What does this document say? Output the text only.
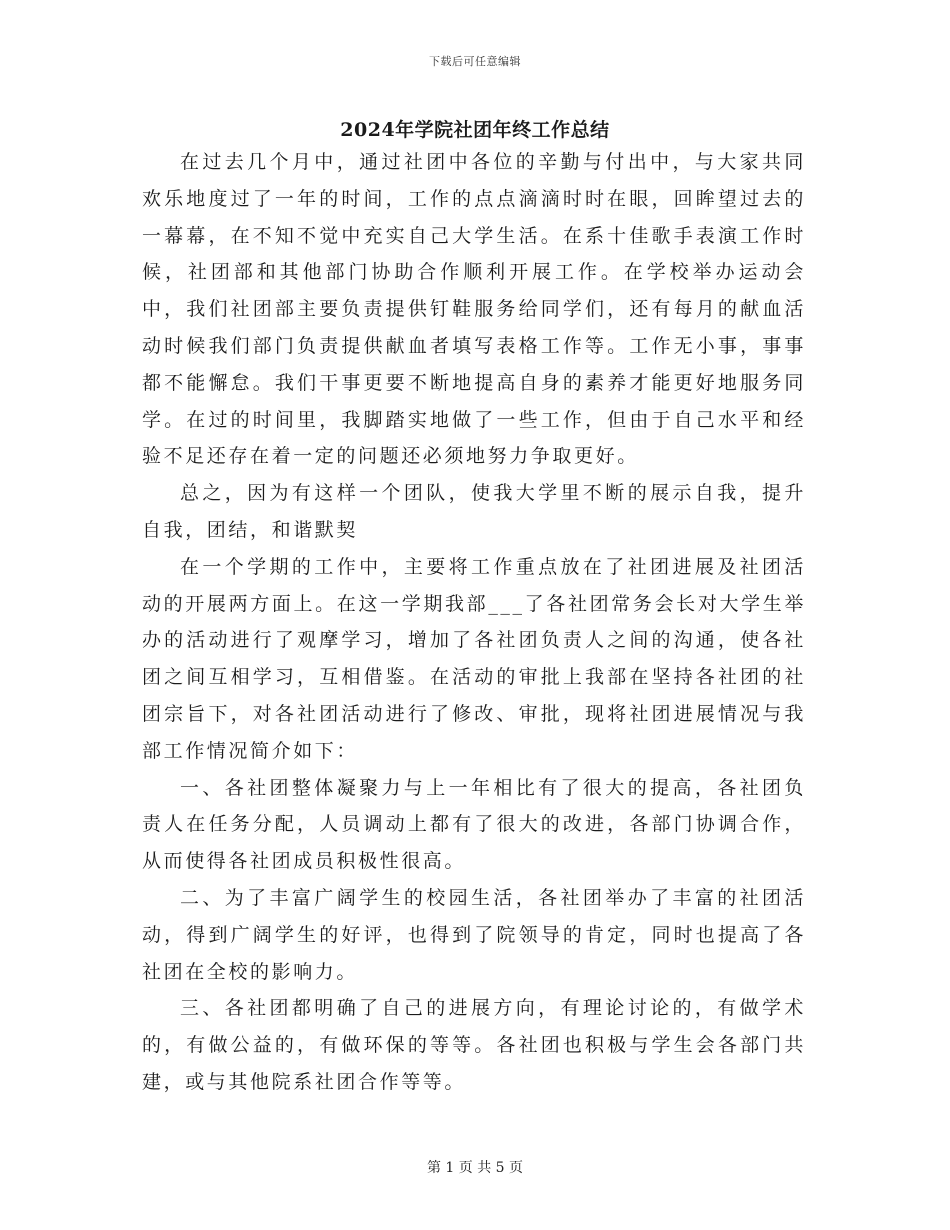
下载后可任意编辑
2024年学院社团年终工作总结

在过去几个月中，通过社团中各位的辛勤与付出中，与大家共同欢乐地度过了一年的时间，工作的点点滴滴时时在眼，回眸望过去的一幕幕，在不知不觉中充实自己大学生活。在系十佳歌手表演工作时候，社团部和其他部门协助合作顺利开展工作。在学校举办运动会中，我们社团部主要负责提供钉鞋服务给同学们，还有每月的献血活动时候我们部门负责提供献血者填写表格工作等。工作无小事，事事都不能懈怠。我们干事更要不断地提高自身的素养才能更好地服务同学。在过的时间里，我脚踏实地做了一些工作，但由于自己水平和经验不足还存在着一定的问题还必须地努力争取更好。

总之，因为有这样一个团队，使我大学里不断的展示自我，提升自我，团结，和谐默契

在一个学期的工作中，主要将工作重点放在了社团进展及社团活动的开展两方面上。在这一学期我部___了各社团常务会长对大学生举办的活动进行了观摩学习，增加了各社团负责人之间的沟通，使各社团之间互相学习，互相借鉴。在活动的审批上我部在坚持各社团的社团宗旨下，对各社团活动进行了修改、审批，现将社团进展情况与我部工作情况简介如下：

一、各社团整体凝聚力与上一年相比有了很大的提高，各社团负责人在任务分配，人员调动上都有了很大的改进，各部门协调合作，从而使得各社团成员积极性很高。

二、为了丰富广阔学生的校园生活，各社团举办了丰富的社团活动，得到广阔学生的好评，也得到了院领导的肯定，同时也提高了各社团在全校的影响力。

三、各社团都明确了自己的进展方向，有理论讨论的，有做学术的，有做公益的，有做环保的等等。各社团也积极与学生会各部门共建，或与其他院系社团合作等等。

第 1 页 共 5 页
